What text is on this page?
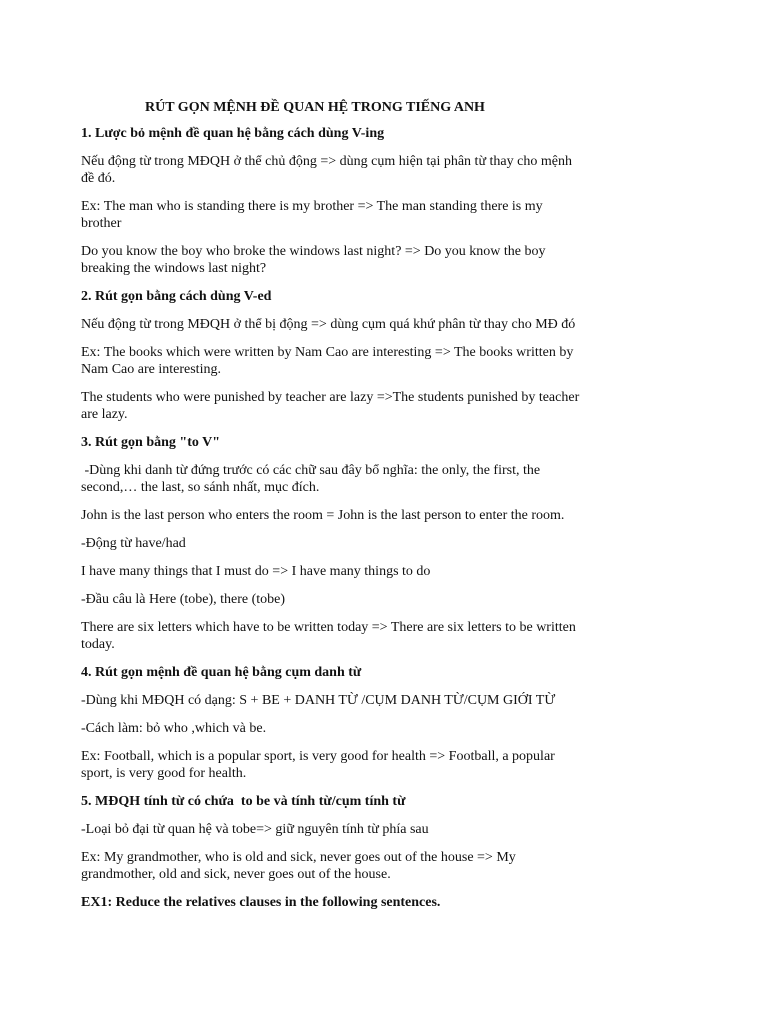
RÚT GỌN MỆNH ĐỀ QUAN HỆ TRONG TIẾNG ANH

1. Lược bỏ mệnh đề quan hệ bằng cách dùng V-ing

Nếu động từ trong MĐQH ở thể chủ động => dùng cụm hiện tại phân từ thay cho mệnh đề đó.

Ex: The man who is standing there is my brother => The man standing there is my brother

Do you know the boy who broke the windows last night? => Do you know the boy breaking the windows last night?

2. Rút gọn bằng cách dùng V-ed

Nếu động từ trong MĐQH ở thể bị động => dùng cụm quá khứ phân từ thay cho MĐ đó

Ex: The books which were written by Nam Cao are interesting => The books written by Nam Cao are interesting.

The students who were punished by teacher are lazy =>The students punished by teacher are lazy.

3. Rút gọn bằng "to V"

-Dùng khi danh từ đứng trước có các chữ sau đây bổ nghĩa: the only, the first, the second,… the last, so sánh nhất, mục đích.

John is the last person who enters the room = John is the last person to enter the room.

-Động từ have/had

I have many things that I must do => I have many things to do

-Đầu câu là Here (tobe), there (tobe)

There are six letters which have to be written today => There are six letters to be written today.

4. Rút gọn mệnh đề quan hệ bằng cụm danh từ

-Dùng khi MĐQH có dạng: S + BE + DANH TỪ /CỤM DANH TỪ/CỤM GIỚI TỪ

-Cách làm: bỏ who ,which và be.

Ex: Football, which is a popular sport, is very good for health => Football, a popular sport, is very good for health.

5. MĐQH tính từ có chứa  to be và tính từ/cụm tính từ

-Loại bỏ đại từ quan hệ và tobe=> giữ nguyên tính từ phía sau

Ex: My grandmother, who is old and sick, never goes out of the house => My grandmother, old and sick, never goes out of the house.

EX1: Reduce the relatives clauses in the following sentences.
